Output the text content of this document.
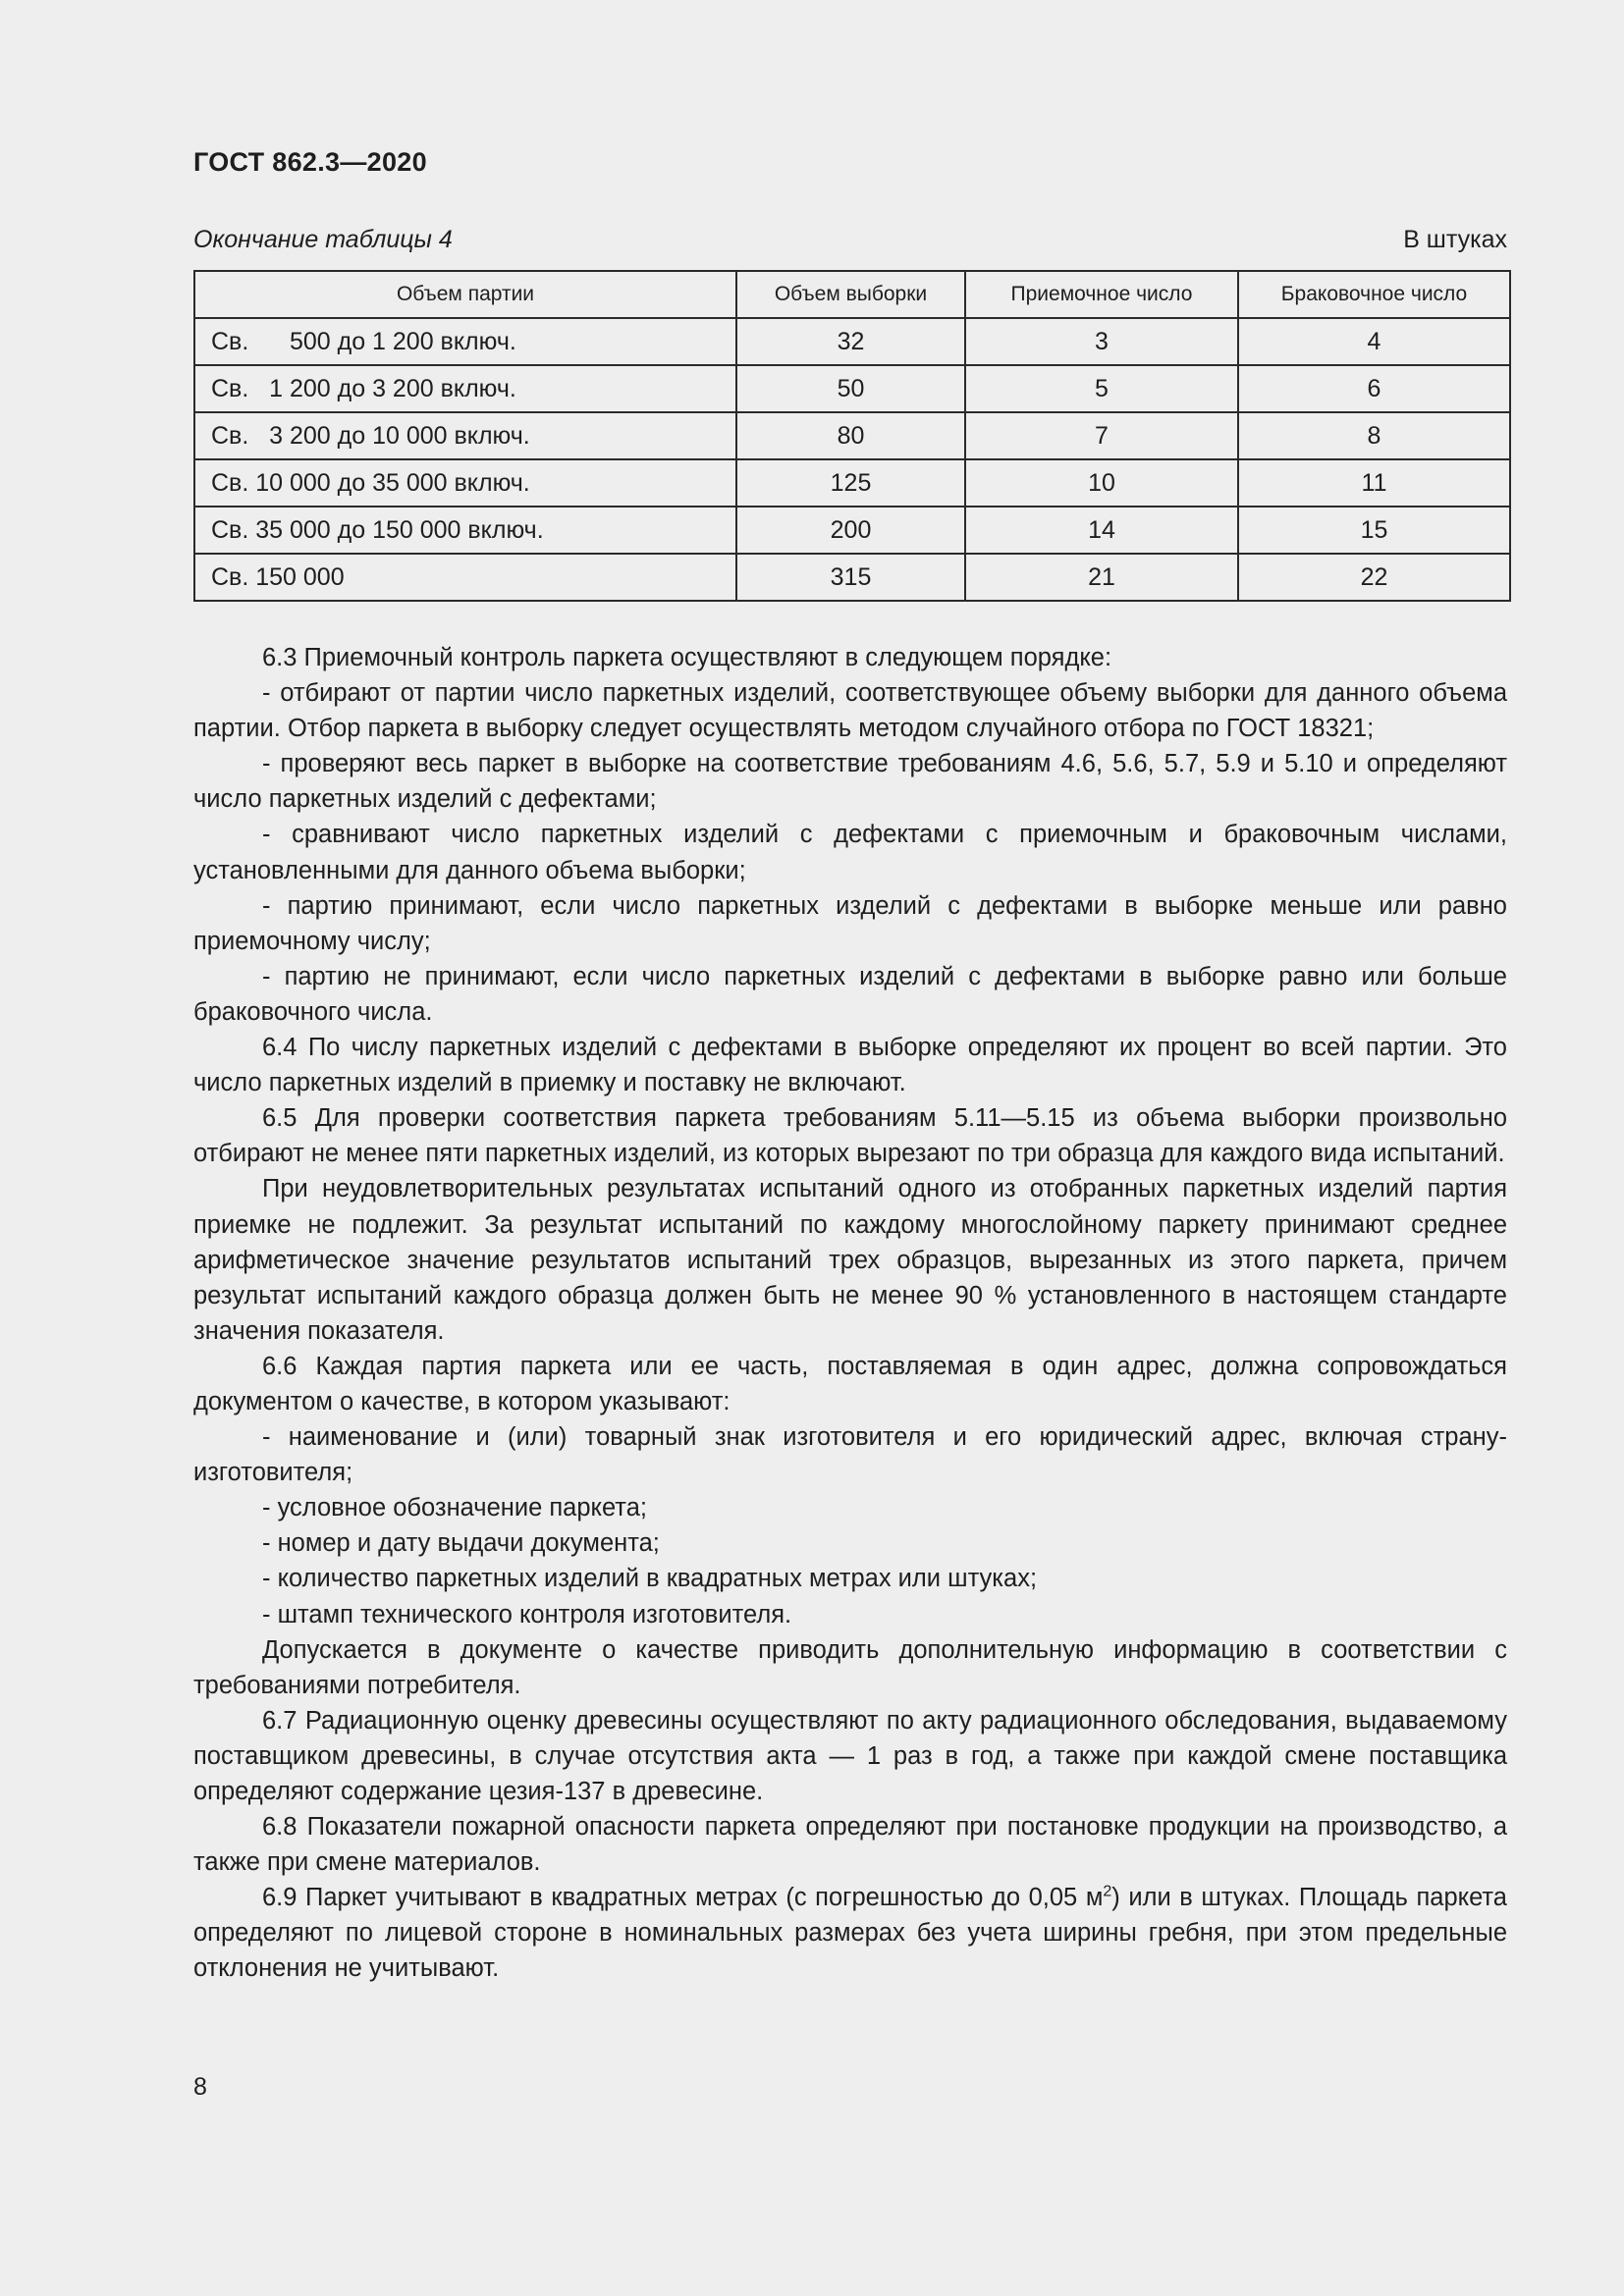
ГОСТ 862.3—2020
Окончание таблицы 4	В штуках
Объем партии	Объем выборки	Приемочное число	Браковочное число
Св.      500 до 1 200 включ.	32	3	4
Св.   1 200 до 3 200 включ.	50	5	6
Св.   3 200 до 10 000 включ.	80	7	8
Св. 10 000 до 35 000 включ.	125	10	11
Св. 35 000 до 150 000 включ.	200	14	15
Св. 150 000	315	21	22

6.3 Приемочный контроль паркета осуществляют в следующем порядке:

- отбирают от партии число паркетных изделий, соответствующее объему выборки для данного объема партии. Отбор паркета в выборку следует осуществлять методом случайного отбора по ГОСТ 18321;

- проверяют весь паркет в выборке на соответствие требованиям 4.6, 5.6, 5.7, 5.9 и 5.10 и определяют число паркетных изделий с дефектами;

- сравнивают число паркетных изделий с дефектами с приемочным и браковочным числами, установленными для данного объема выборки;

- партию принимают, если число паркетных изделий с дефектами в выборке меньше или равно приемочному числу;

- партию не принимают, если число паркетных изделий с дефектами в выборке равно или больше браковочного числа.

6.4 По числу паркетных изделий с дефектами в выборке определяют их процент во всей партии. Это число паркетных изделий в приемку и поставку не включают.

6.5 Для проверки соответствия паркета требованиям 5.11—5.15 из объема выборки произвольно отбирают не менее пяти паркетных изделий, из которых вырезают по три образца для каждого вида испытаний.

При неудовлетворительных результатах испытаний одного из отобранных паркетных изделий партия приемке не подлежит. За результат испытаний по каждому многослойному паркету принимают среднее арифметическое значение результатов испытаний трех образцов, вырезанных из этого паркета, причем результат испытаний каждого образца должен быть не менее 90 % установленного в настоящем стандарте значения показателя.

6.6 Каждая партия паркета или ее часть, поставляемая в один адрес, должна сопровождаться документом о качестве, в котором указывают:

- наименование и (или) товарный знак изготовителя и его юридический адрес, включая страну-изготовителя;

- условное обозначение паркета;

- номер и дату выдачи документа;

- количество паркетных изделий в квадратных метрах или штуках;

- штамп технического контроля изготовителя.

Допускается в документе о качестве приводить дополнительную информацию в соответствии с требованиями потребителя.

6.7 Радиационную оценку древесины осуществляют по акту радиационного обследования, выдаваемому поставщиком древесины, в случае отсутствия акта — 1 раз в год, а также при каждой смене поставщика определяют содержание цезия-137 в древесине.

6.8 Показатели пожарной опасности паркета определяют при постановке продукции на производство, а также при смене материалов.

6.9 Паркет учитывают в квадратных метрах (с погрешностью до 0,05 $м^2$) или в штуках. Площадь паркета определяют по лицевой стороне в номинальных размерах без учета ширины гребня, при этом предельные отклонения не учитывают.

8
